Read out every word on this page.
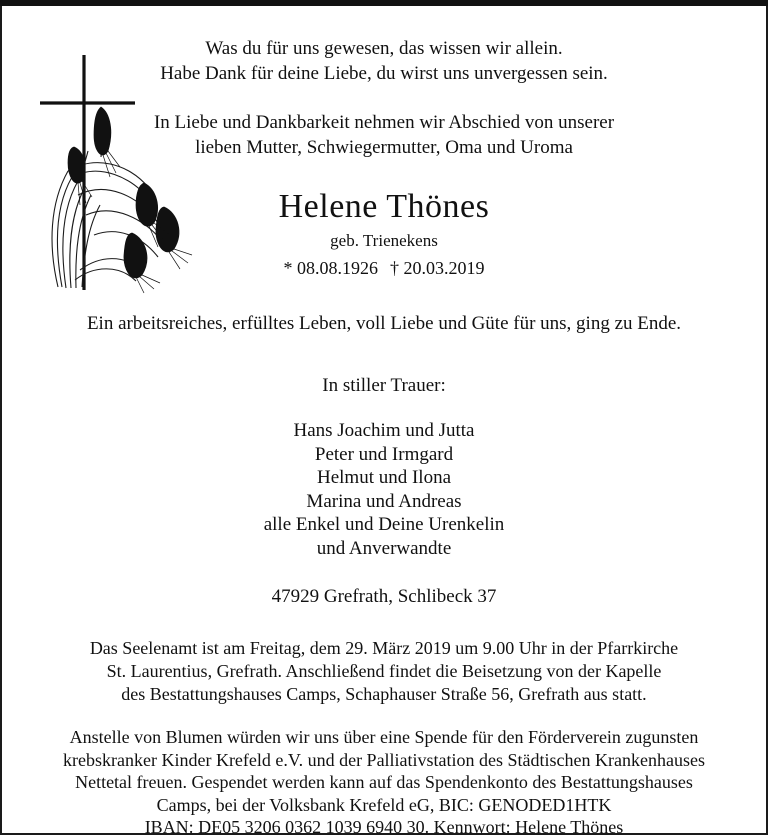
Was du für uns gewesen, das wissen wir allein.
Habe Dank für deine Liebe, du wirst uns unvergessen sein.
In Liebe und Dankbarkeit nehmen wir Abschied von unserer
lieben Mutter, Schwiegermutter, Oma und Uroma
Helene Thönes
geb. Trienekens
* 08.08.1926 † 20.03.2019
Ein arbeitsreiches, erfülltes Leben, voll Liebe und Güte für uns, ging zu Ende.
In stiller Trauer:
Hans Joachim und Jutta
Peter und Irmgard
Helmut und Ilona
Marina und Andreas
alle Enkel und Deine Urenkelin
und Anverwandte
47929 Grefrath, Schlibeck 37
Das Seelenamt ist am Freitag, dem 29. März 2019 um 9.00 Uhr in der Pfarrkirche
St. Laurentius, Grefrath. Anschließend findet die Beisetzung von der Kapelle
des Bestattungshauses Camps, Schaphauser Straße 56, Grefrath aus statt.
Anstelle von Blumen würden wir uns über eine Spende für den Förderverein zugunsten
krebskranker Kinder Krefeld e.V. und der Palliativstation des Städtischen Krankenhauses
Nettetal freuen. Gespendet werden kann auf das Spendenkonto des Bestattungshauses
Camps, bei der Volksbank Krefeld eG, BIC: GENODED1HTK
IBAN: DE05 3206 0362 1039 6940 30. Kennwort: Helene Thönes
